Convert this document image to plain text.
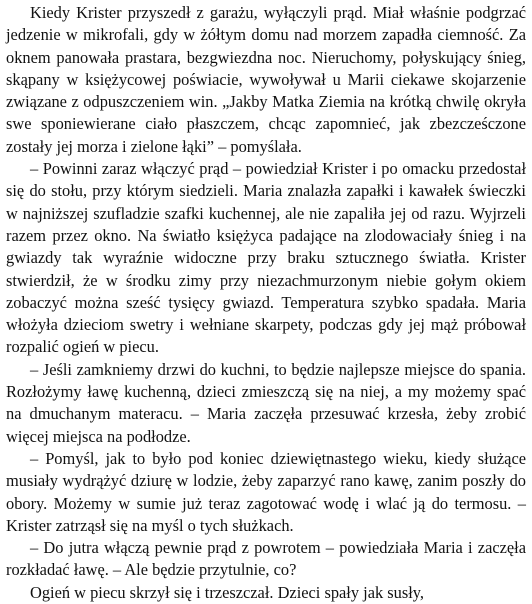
Kiedy Krister przyszedł z garażu, wyłączyli prąd. Miał właśnie podgrzać jedzenie w mikrofali, gdy w żółtym domu nad morzem zapadła ciemność. Za oknem panowała prastara, bezgwiezdna noc. Nieruchomy, połyskujący śnieg, skąpany w księżycowej poświacie, wywoływał u Marii ciekawe skojarzenie związane z odpuszczeniem win. „Jakby Matka Ziemia na krótką chwilę okryła swe sponiewierane ciało płaszczem, chcąc zapomnieć, jak zbezcześczone zostały jej morza i zielone łąki” – pomyślała.

– Powinni zaraz włączyć prąd – powiedział Krister i po omacku przedostał się do stołu, przy którym siedzieli. Maria znalazła zapałki i kawałek świeczki w najniższej szufladzie szafki kuchennej, ale nie zapaliła jej od razu. Wyjrzeli razem przez okno. Na światło księżyca padające na zlodowaciały śnieg i na gwiazdy tak wyraźnie widoczne przy braku sztucznego światła. Krister stwierdził, że w środku zimy przy niezachmurzonym niebie gołym okiem zobaczyć można sześć tysięcy gwiazd. Temperatura szybko spadała. Maria włożyła dzieciom swetry i wełniane skarpety, podczas gdy jej mąż próbował rozpalić ogień w piecu.

– Jeśli zamkniemy drzwi do kuchni, to będzie najlepsze miejsce do spania. Rozłożymy ławę kuchenną, dzieci zmieszczą się na niej, a my możemy spać na dmuchanym materacu. – Maria zaczęła przesuwać krzesła, żeby zrobić więcej miejsca na podłodze.

– Pomyśl, jak to było pod koniec dziewiętnastego wieku, kiedy służące musiały wydrążyć dziurę w lodzie, żeby zaparzyć rano kawę, zanim poszły do obory. Możemy w sumie już teraz zagotować wodę i wlać ją do termosu. – Krister zatrząsł się na myśl o tych służkach.

– Do jutra włączą pewnie prąd z powrotem – powiedziała Maria i zaczęła rozkładać ławę. – Ale będzie przytulnie, co?

Ogień w piecu skrzył się i trzeszczał. Dzieci spały jak susły,
